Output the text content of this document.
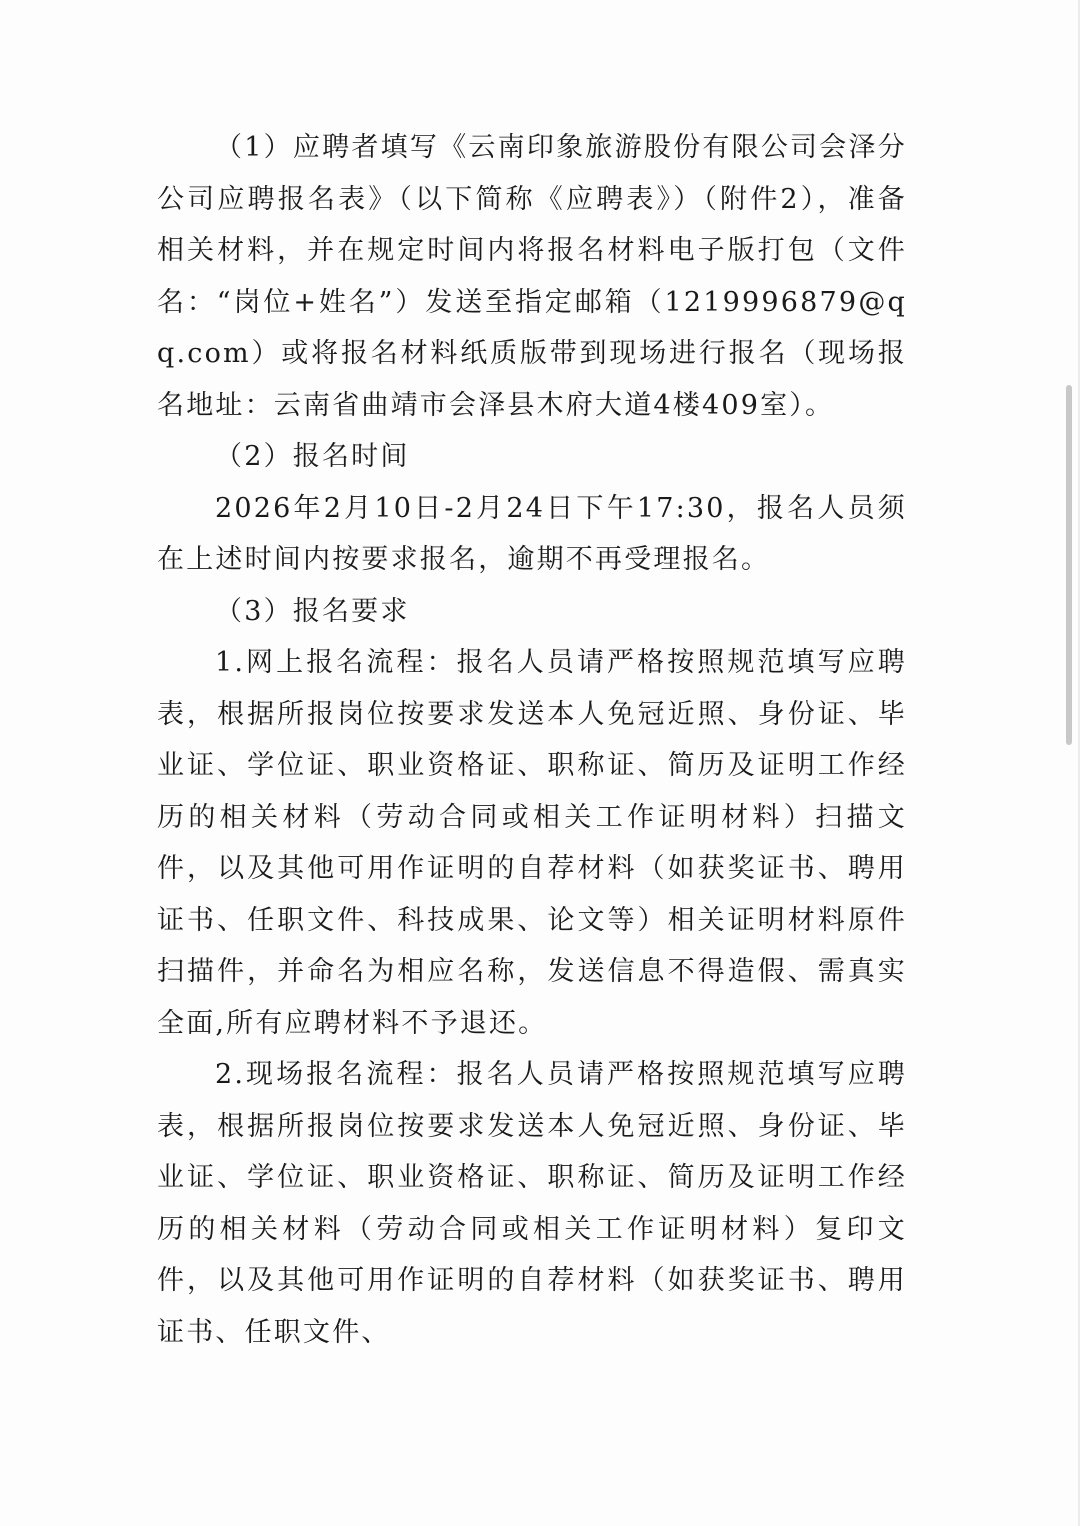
（1）应聘者填写《云南印象旅游股份有限公司会泽分公司应聘报名表》（以下简称《应聘表》）（附件2），准备相关材料，并在规定时间内将报名材料电子版打包（文件名：“岗位+姓名”）发送至指定邮箱（1219996879@qq.com）或将报名材料纸质版带到现场进行报名（现场报名地址：云南省曲靖市会泽县木府大道4楼409室）。

（2）报名时间

2026年2月10日-2月24日下午17:30，报名人员须在上述时间内按要求报名，逾期不再受理报名。

（3）报名要求

1.网上报名流程：报名人员请严格按照规范填写应聘表，根据所报岗位按要求发送本人免冠近照、身份证、毕业证、学位证、职业资格证、职称证、简历及证明工作经历的相关材料（劳动合同或相关工作证明材料）扫描文件，以及其他可用作证明的自荐材料（如获奖证书、聘用证书、任职文件、科技成果、论文等）相关证明材料原件扫描件，并命名为相应名称，发送信息不得造假、需真实全面,所有应聘材料不予退还。

2.现场报名流程：报名人员请严格按照规范填写应聘表，根据所报岗位按要求发送本人免冠近照、身份证、毕业证、学位证、职业资格证、职称证、简历及证明工作经历的相关材料（劳动合同或相关工作证明材料）复印文件，以及其他可用作证明的自荐材料（如获奖证书、聘用证书、任职文件、
